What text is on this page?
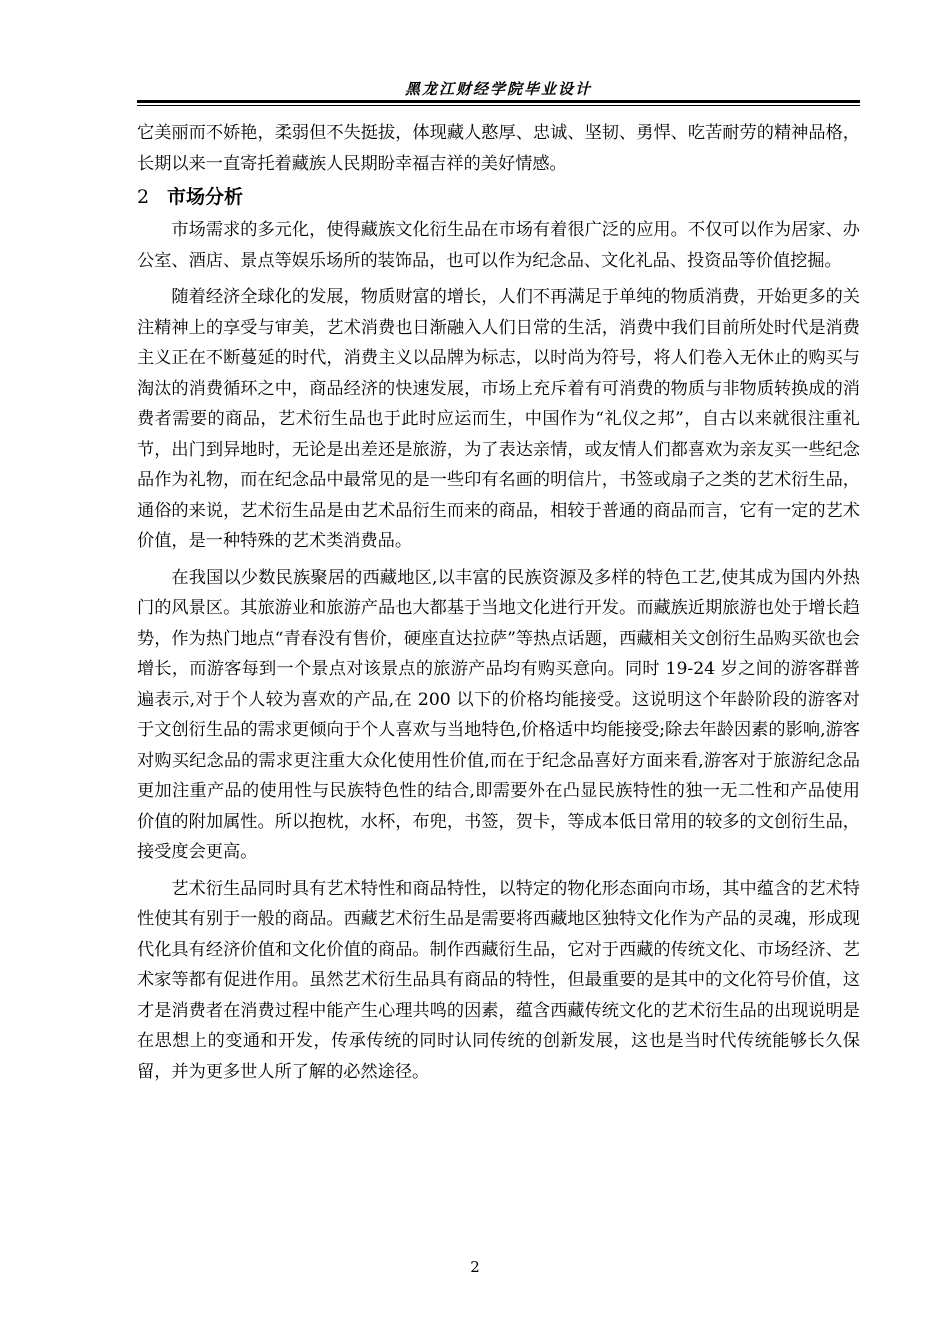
黑龙江财经学院毕业设计

它美丽而不娇艳，柔弱但不失挺拔，体现藏人憨厚、忠诚、坚韧、勇悍、吃苦耐劳的精神品格，长期以来一直寄托着藏族人民期盼幸福吉祥的美好情感。

2 市场分析

市场需求的多元化，使得藏族文化衍生品在市场有着很广泛的应用。不仅可以作为居家、办公室、酒店、景点等娱乐场所的装饰品，也可以作为纪念品、文化礼品、投资品等价值挖掘。

随着经济全球化的发展，物质财富的增长，人们不再满足于单纯的物质消费，开始更多的关注精神上的享受与审美，艺术消费也日渐融入人们日常的生活，消费中我们目前所处时代是消费主义正在不断蔓延的时代，消费主义以品牌为标志，以时尚为符号，将人们卷入无休止的购买与淘汰的消费循环之中，商品经济的快速发展，市场上充斥着有可消费的物质与非物质转换成的消费者需要的商品，艺术衍生品也于此时应运而生，中国作为“礼仪之邦”，自古以来就很注重礼节，出门到异地时，无论是出差还是旅游，为了表达亲情，或友情人们都喜欢为亲友买一些纪念品作为礼物，而在纪念品中最常见的是一些印有名画的明信片，书签或扇子之类的艺术衍生品，通俗的来说，艺术衍生品是由艺术品衍生而来的商品，相较于普通的商品而言，它有一定的艺术价值，是一种特殊的艺术类消费品。

在我国以少数民族聚居的西藏地区,以丰富的民族资源及多样的特色工艺,使其成为国内外热门的风景区。其旅游业和旅游产品也大都基于当地文化进行开发。而藏族近期旅游也处于增长趋势，作为热门地点“青春没有售价，硬座直达拉萨”等热点话题，西藏相关文创衍生品购买欲也会增长，而游客每到一个景点对该景点的旅游产品均有购买意向。同时 19-24 岁之间的游客群普遍表示,对于个人较为喜欢的产品,在 200 以下的价格均能接受。这说明这个年龄阶段的游客对于文创衍生品的需求更倾向于个人喜欢与当地特色,价格适中均能接受;除去年龄因素的影响,游客对购买纪念品的需求更注重大众化使用性价值,而在于纪念品喜好方面来看,游客对于旅游纪念品更加注重产品的使用性与民族特色性的结合,即需要外在凸显民族特性的独一无二性和产品使用价值的附加属性。所以抱枕，水杯，布兜，书签，贺卡，等成本低日常用的较多的文创衍生品，接受度会更高。

艺术衍生品同时具有艺术特性和商品特性，以特定的物化形态面向市场，其中蕴含的艺术特性使其有别于一般的商品。西藏艺术衍生品是需要将西藏地区独特文化作为产品的灵魂，形成现代化具有经济价值和文化价值的商品。制作西藏衍生品，它对于西藏的传统文化、市场经济、艺术家等都有促进作用。虽然艺术衍生品具有商品的特性，但最重要的是其中的文化符号价值，这才是消费者在消费过程中能产生心理共鸣的因素，蕴含西藏传统文化的艺术衍生品的出现说明是在思想上的变通和开发，传承传统的同时认同传统的创新发展，这也是当时代传统能够长久保留，并为更多世人所了解的必然途径。

2
